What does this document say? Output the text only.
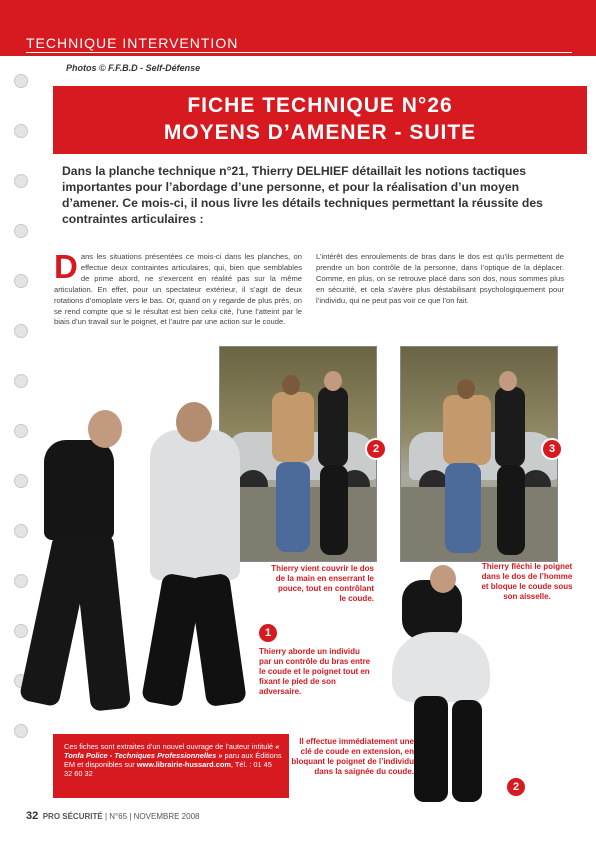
TECHNIQUE INTERVENTION
Photos © F.F.B.D - Self-Défense
FICHE TECHNIQUE N°26
MOYENS D’AMENER - SUITE
Dans la planche technique n°21, Thierry DELHIEF détaillait les notions tactiques importantes pour l’abordage d’une personne, et pour la réalisation d’un moyen d’amener. Ce mois-ci, il nous livre les détails techniques permettant la réussite des contraintes articulaires :
Dans les situations présentées ce mois-ci dans les planches, on effectue deux contraintes articulaires, qui, bien que semblables de prime abord, ne s’exercent en réalité pas sur la même articulation. En effet, pour un spectateur extérieur, il s’agit de deux rotations d’omoplate vers le bas. Or, quand on y regarde de plus près, on se rend compte que si le résultat est bien celui cité, l’une l’atteint par le biais d’un travail sur le poignet, et l’autre par une action sur le coude.
L’intérêt des enroulements de bras dans le dos est qu’ils permettent de prendre un bon contrôle de la personne, dans l’optique de la déplacer. Comme, en plus, on se retrouve placé dans son dos, nous sommes plus en sécurité, et cela s’avère plus déstabilisant psychologiquement pour l’individu, qui ne peut pas voir ce que l’on fait.
2	3
1
2
Thierry vient couvrir le dos de la main en enserrant le pouce, tout en contrôlant le coude.
Thierry fléchi le poignet dans le dos de l’homme et bloque le coude sous son aisselle.
Thierry aborde un individu par un contrôle du bras entre le coude et le poignet tout en fixant le pied de son adversaire.
Il effectue immédiatement une clé de coude en extension, en bloquant le poignet de l’individu dans la saignée du coude.
Ces fiches sont extraites d’un nouvel ouvrage de l’auteur intitulé « Tonfa Police - Techniques Professionnelles » paru aux Éditions EM et disponibles sur www.librairie-hussard.com, Tél. : 01 45 32 60 32
32 PRO SÉCURITÉ | N°65 | NOVEMBRE 2008
